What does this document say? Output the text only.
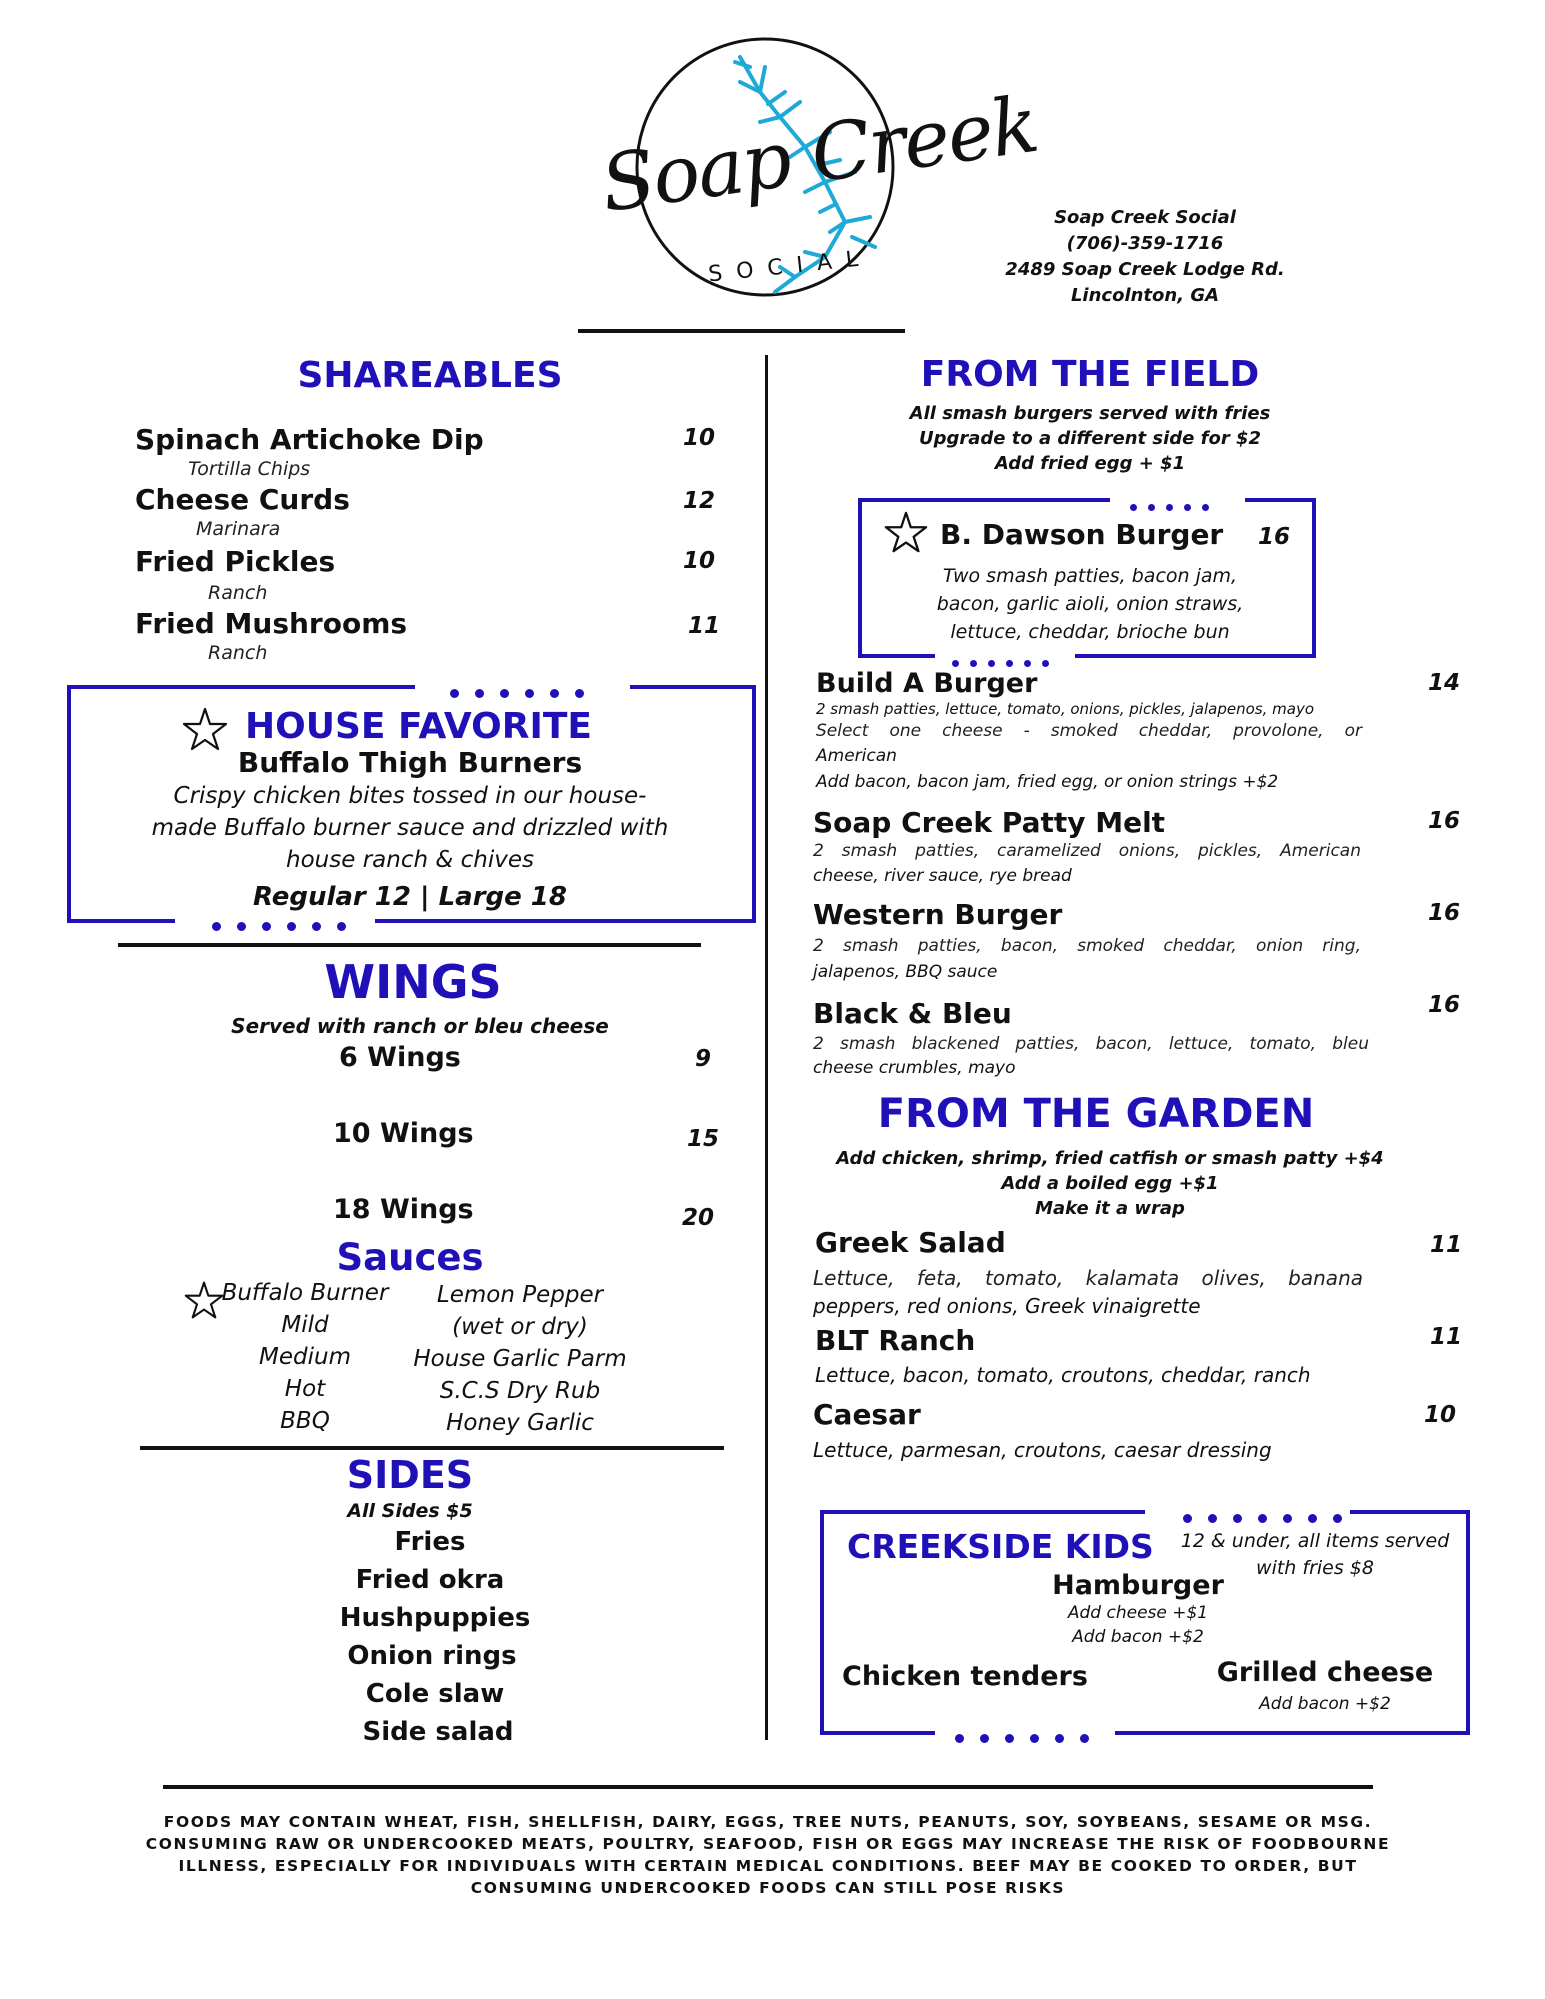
Soap Creek
SOCIAL
Soap Creek Social
(706)-359-1716
2489 Soap Creek Lodge Rd.
Lincolnton, GA
SHAREABLES
Spinach Artichoke Dip	10
Tortilla Chips
Cheese Curds	12
Marinara
Fried Pickles	10
Ranch
Fried Mushrooms	11
Ranch
HOUSE FAVORITE
Buffalo Thigh Burners
Crispy chicken bites tossed in our house-
made Buffalo burner sauce and drizzled with
house ranch & chives
Regular 12 | Large 18
WINGS
Served with ranch or bleu cheese
6 Wings	9
10 Wings	15
18 Wings	20
Sauces
Buffalo Burner
Mild
Medium
Hot
BBQ
Lemon Pepper
(wet or dry)
House Garlic Parm
S.C.S Dry Rub
Honey Garlic
SIDES
All Sides $5
Fries
Fried okra
Hushpuppies
Onion rings
Cole slaw
Side salad
FROM THE FIELD
All smash burgers served with fries
Upgrade to a different side for $2
Add fried egg + $1
B. Dawson Burger 16
Two smash patties, bacon jam,
bacon, garlic aioli, onion straws,
lettuce, cheddar, brioche bun
Build A Burger	14
2 smash patties, lettuce, tomato, onions, pickles, jalapenos, mayo
Select one cheese - smoked cheddar, provolone, or
American
Add bacon, bacon jam, fried egg, or onion strings +$2
Soap Creek Patty Melt	16
2 smash patties, caramelized onions, pickles, American
cheese, river sauce, rye bread
Western Burger	16
2 smash patties, bacon, smoked cheddar, onion ring,
jalapenos, BBQ sauce
Black & Bleu	16
2 smash blackened patties, bacon, lettuce, tomato, bleu
cheese crumbles, mayo
FROM THE GARDEN
Add chicken, shrimp, fried catfish or smash patty +$4
Add a boiled egg +$1
Make it a wrap
Greek Salad	11
Lettuce, feta, tomato, kalamata olives, banana
peppers, red onions, Greek vinaigrette
BLT Ranch	11
Lettuce, bacon, tomato, croutons, cheddar, ranch
Caesar	10
Lettuce, parmesan, croutons, caesar dressing
CREEKSIDE KIDS	12 & under, all items served
with fries $8
Hamburger
Add cheese +$1
Add bacon +$2
Chicken tenders	Grilled cheese
Add bacon +$2
FOODS MAY CONTAIN WHEAT, FISH, SHELLFISH, DAIRY, EGGS, TREE NUTS, PEANUTS, SOY, SOYBEANS, SESAME OR MSG.
CONSUMING RAW OR UNDERCOOKED MEATS, POULTRY, SEAFOOD, FISH OR EGGS MAY INCREASE THE RISK OF FOODBOURNE
ILLNESS, ESPECIALLY FOR INDIVIDUALS WITH CERTAIN MEDICAL CONDITIONS. BEEF MAY BE COOKED TO ORDER, BUT
CONSUMING UNDERCOOKED FOODS CAN STILL POSE RISKS
